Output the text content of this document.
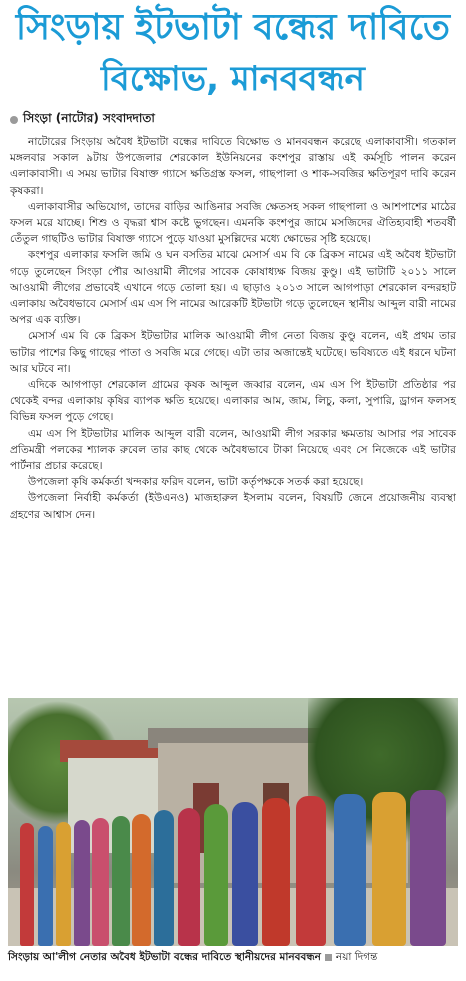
সিংড়ায় ইটভাটা বন্ধের দাবিতে
বিক্ষোভ, মানববন্ধন
সিংড়া (নাটোর) সংবাদদাতা

নাটোরের সিংড়ায় অবৈধ ইটভাটা বন্ধের দাবিতে বিক্ষোভ ও মানববন্ধন করেছে এলাকাবাসী। গতকাল মঙ্গলবার সকাল ৯টায় উপজেলার শেরকোল ইউনিয়নের কংশপুর রাস্তায় এই কর্মসূচি পালন করেন এলাকাবাসী। এ সময় ভাটার বিষাক্ত গ্যাসে ক্ষতিগ্রস্ত ফসল, গাছপালা ও শাক-সবজির ক্ষতিপূরণ দাবি করেন কৃষকরা।

এলাকাবাসীর অভিযোগ, তাদের বাড়ির আঙিনার সবজি ক্ষেতসহ সকল গাছপালা ও আশপাশের মাঠের ফসল মরে যাচ্ছে। শিশু ও বৃদ্ধরা শ্বাস কষ্টে ভুগছেন। এমনকি কংশপুর জামে মসজিদের ঐতিহ্যবাহী শতবর্ষী তেঁতুল গাছটিও ভাটার বিষাক্ত গ্যাসে পুড়ে যাওয়া মুসল্লিদের মধ্যে ক্ষোভের সৃষ্টি হয়েছে।

কংশপুর এলাকার ফসলি জমি ও ঘন বসতির মাঝে মেসার্স এম বি কে ব্রিকস নামের এই অবৈধ ইটভাটা গড়ে তুলেছেন সিংড়া পৌর আওয়ামী লীগের সাবেক কোষাধ্যক্ষ বিজয় কুণ্ডু। এই ভাটাটি ২০১১ সালে আওয়ামী লীগের প্রভাবেই এখানে গড়ে তোলা হয়। এ ছাড়াও ২০১৩ সালে আগপাড়া শেরকোল বন্দরহাট এলাকায় অবৈধভাবে মেসার্স এম এস পি নামের আরেকটি ইটভাটা গড়ে তুলেছেন স্থানীয় আব্দুল বারী নামের অপর এক ব্যক্তি।

মেসার্স এম বি কে ব্রিকস ইটভাটার মালিক আওয়ামী লীগ নেতা বিজয় কুণ্ডু বলেন, এই প্রথম তার ভাটার পাশের কিছু গাছের পাতা ও সবজি মরে গেছে। এটা তার অজান্তেই ঘটেছে। ভবিষ্যতে এই ধরনে ঘটনা আর ঘটবে না।

এদিকে আগপাড়া শেরকোল গ্রামের কৃষক আব্দুল জব্বার বলেন, এম এস পি ইটভাটা প্রতিষ্ঠার পর থেকেই বন্দর এলাকায় কৃষির ব্যাপক ক্ষতি হয়েছে। এলাকার আম, জাম, লিচু, কলা, সুপারি, ড্রাগন ফলসহ বিভিন্ন ফসল পুড়ে গেছে।

এম এস পি ইটভাটার মালিক আব্দুল বারী বলেন, আওয়ামী লীগ সরকার ক্ষমতায় আসার পর সাবেক প্রতিমন্ত্রী পলকের শ্যালক রুবেল তার কাছ থেকে অবৈধভাবে টাকা নিয়েছে এবং সে নিজেকে এই ভাটার পার্টনার প্রচার করেছে।

উপজেলা কৃষি কর্মকর্তা খন্দকার ফরিদ বলেন, ভাটা কর্তৃপক্ষকে সতর্ক করা হয়েছে।

উপজেলা নির্বাহী কর্মকর্তা (ইউএনও) মাজহারুল ইসলাম বলেন, বিষয়টি জেনে প্রয়োজনীয় ব্যবস্থা গ্রহণের আশ্বাস দেন।

সিংড়ায় আ'লীগ নেতার অবৈধ ইটভাটা বন্ধের দাবিতে স্থানীয়দের মানববন্ধন নয়া দিগন্ত
